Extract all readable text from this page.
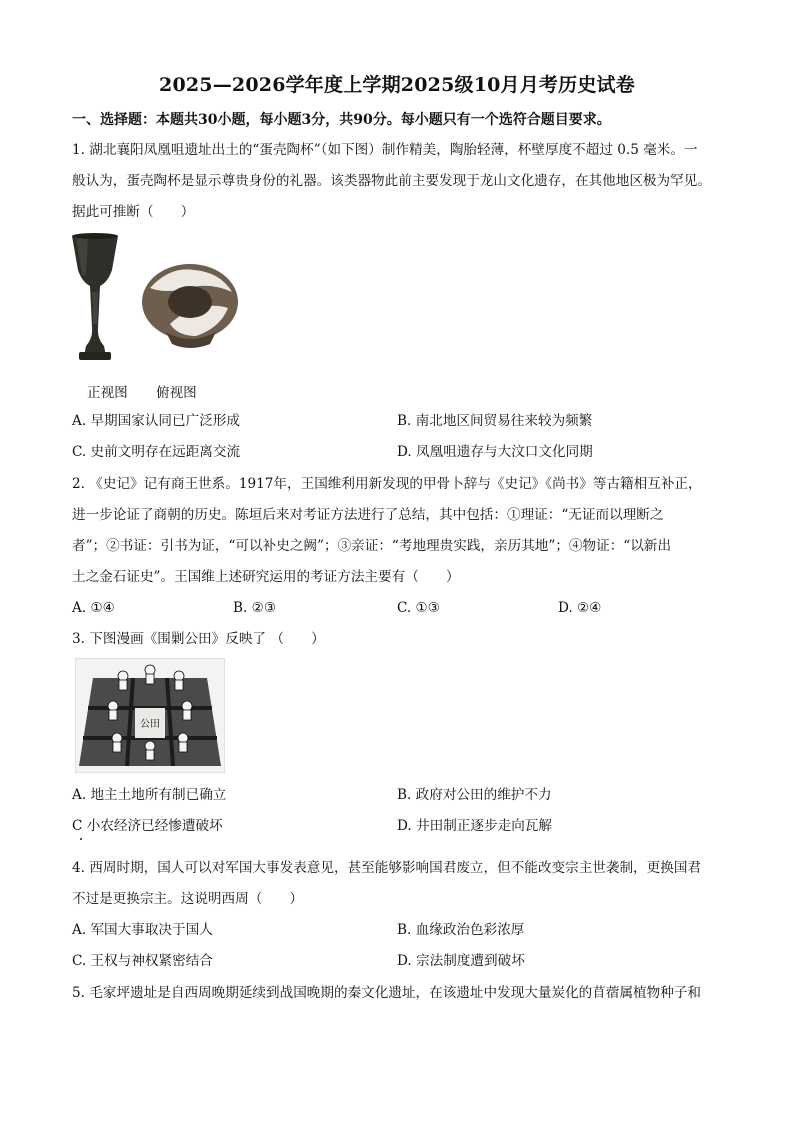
2025—2026学年度上学期2025级10月月考历史试卷
一、选择题：本题共30小题，每小题3分，共90分。每小题只有一个选符合题目要求。
1. 湖北襄阳凤凰咀遗址出土的“蛋壳陶杯”（如下图）制作精美，陶胎轻薄，杯壁厚度不超过 0.5 毫米。一
般认为，蛋壳陶杯是显示尊贵身份的礼器。该类器物此前主要发现于龙山文化遗存，在其他地区极为罕见。
据此可推断（　　）
正视图 俯视图
A. 早期国家认同已广泛形成	B. 南北地区间贸易往来较为频繁
C. 史前文明存在远距离交流	D. 凤凰咀遗存与大汶口文化同期
2. 《史记》记有商王世系。1917年，王国维利用新发现的甲骨卜辞与《史记》《尚书》等古籍相互补正，
进一步论证了商朝的历史。陈垣后来对考证方法进行了总结，其中包括：①理证：“无证而以理断之
者”；②书证：引书为证，“可以补史之阙”；③亲证：“考地理贵实践，亲历其地”；④物证：“以新出
土之金石证史”。王国维上述研究运用的考证方法主要有（　　）
A. ①④	B. ②③	C. ①③	D. ②④
3. 下图漫画《围剿公田》反映了 （　　）
公田
A. 地主土地所有制已确立	B. 政府对公田的维护不力
C 小农经济已经惨遭破坏	D. 井田制正逐步走向瓦解
4. 西周时期，国人可以对军国大事发表意见，甚至能够影响国君废立，但不能改变宗主世袭制，更换国君
不过是更换宗主。这说明西周（　　）
A. 军国大事取决于国人	B. 血缘政治色彩浓厚
C. 王权与神权紧密结合	D. 宗法制度遭到破坏
5. 毛家坪遗址是自西周晚期延续到战国晚期的秦文化遗址，在该遗址中发现大量炭化的苜蓿属植物种子和
